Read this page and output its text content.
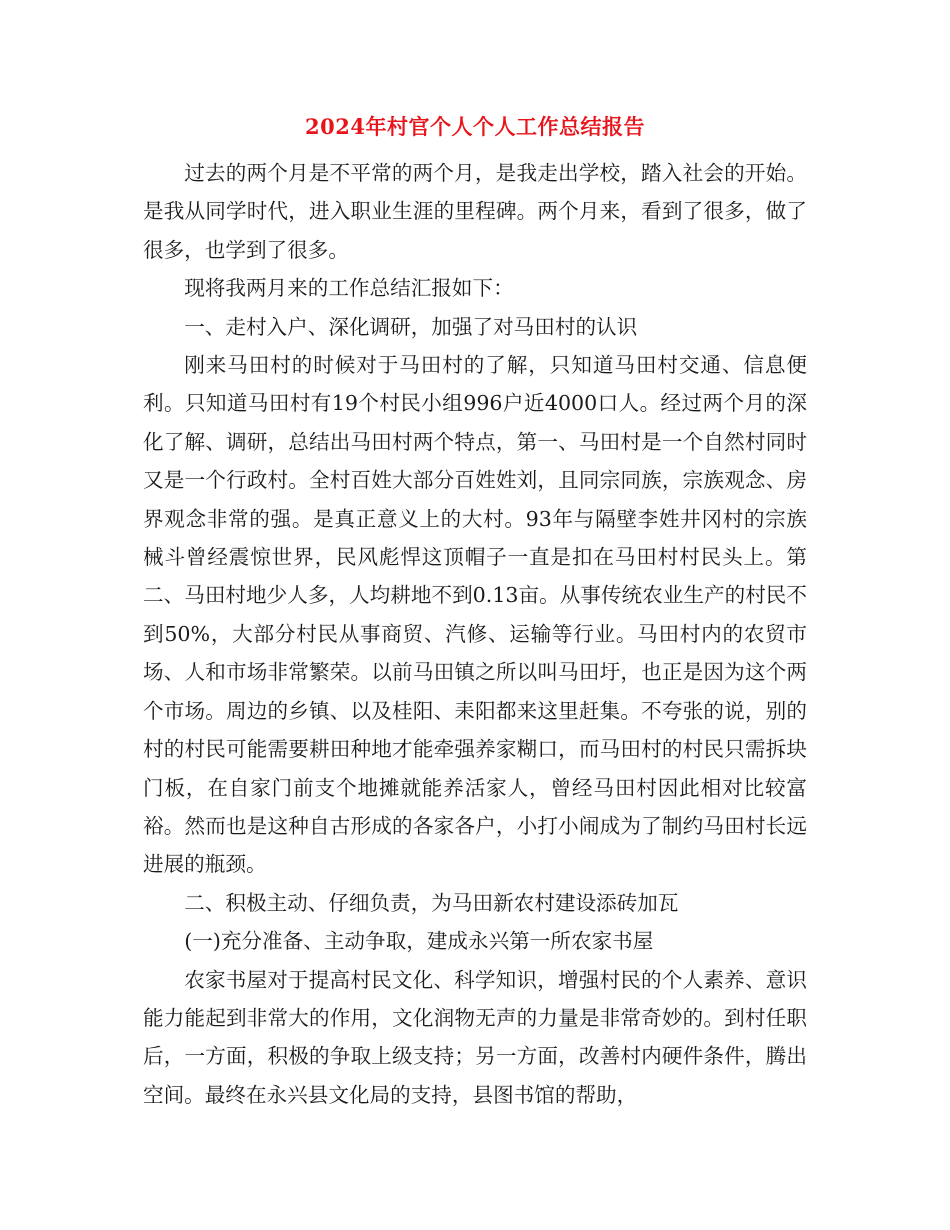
2024年村官个人个人工作总结报告

过去的两个月是不平常的两个月，是我走出学校，踏入社会的开始。是我从同学时代，进入职业生涯的里程碑。两个月来，看到了很多，做了很多，也学到了很多。

现将我两月来的工作总结汇报如下：

一、走村入户、深化调研，加强了对马田村的认识

刚来马田村的时候对于马田村的了解，只知道马田村交通、信息便利。只知道马田村有19个村民小组996户近4000口人。经过两个月的深化了解、调研，总结出马田村两个特点，第一、马田村是一个自然村同时又是一个行政村。全村百姓大部分百姓姓刘，且同宗同族，宗族观念、房界观念非常的强。是真正意义上的大村。93年与隔壁李姓井冈村的宗族械斗曾经震惊世界，民风彪悍这顶帽子一直是扣在马田村村民头上。第二、马田村地少人多，人均耕地不到0.13亩。从事传统农业生产的村民不到50%，大部分村民从事商贸、汽修、运输等行业。马田村内的农贸市场、人和市场非常繁荣。以前马田镇之所以叫马田圩，也正是因为这个两个市场。周边的乡镇、以及桂阳、耒阳都来这里赶集。不夸张的说，别的村的村民可能需要耕田种地才能牵强养家糊口，而马田村的村民只需拆块门板，在自家门前支个地摊就能养活家人，曾经马田村因此相对比较富裕。然而也是这种自古形成的各家各户，小打小闹成为了制约马田村长远进展的瓶颈。

二、积极主动、仔细负责，为马田新农村建设添砖加瓦

(一)充分准备、主动争取，建成永兴第一所农家书屋

农家书屋对于提高村民文化、科学知识，增强村民的个人素养、意识能力能起到非常大的作用，文化润物无声的力量是非常奇妙的。到村任职后，一方面，积极的争取上级支持；另一方面，改善村内硬件条件，腾出空间。最终在永兴县文化局的支持，县图书馆的帮助，
